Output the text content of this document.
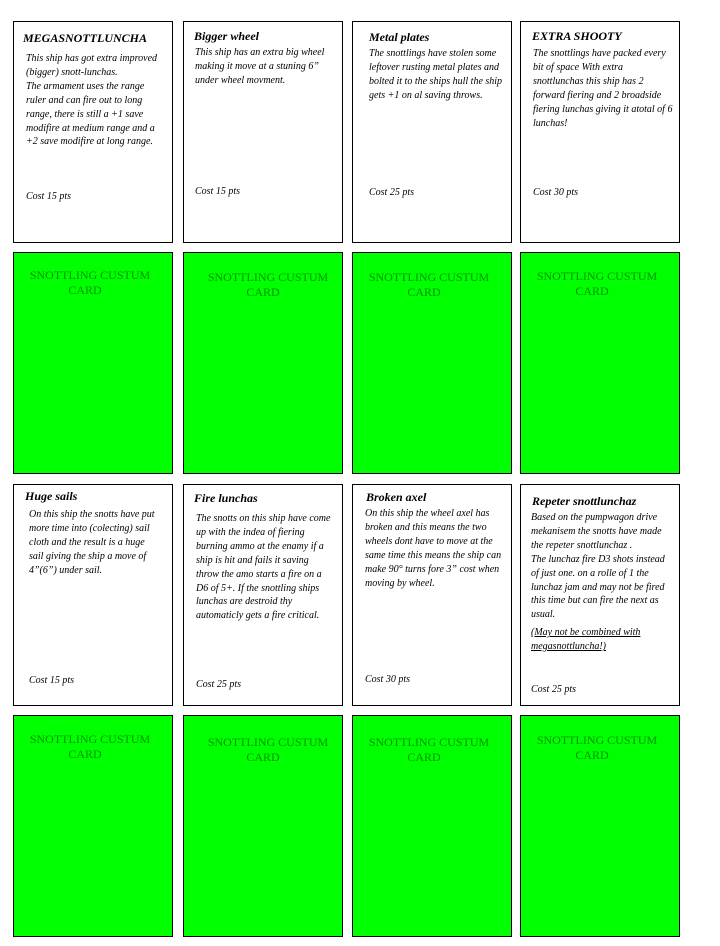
MEGASNOTTLUNCHA

This ship has got extra improved (bigger) snott-lunchas.

The armament uses the range ruler and can fire out to long range, there is still a +1 save modifire at medium range and a +2 save modifire at long range.

Cost 15 pts
Bigger wheel

This ship has an extra big wheel making it move at a stuning 6” under wheel movment.

Cost 15 pts
Metal plates

The snottlings have stolen some leftover rusting metal plates and bolted it to the ships hull the ship gets +1 on al saving throws.

Cost 25 pts
EXTRA SHOOTY

The snottlings have packed every bit of space With extra snottlunchas this ship has 2 forward fiering and 2 broadside fiering lunchas giving it atotal of 6 lunchas!

Cost 30 pts
Huge sails

On this ship the snotts have put more time into (colecting) sail cloth and the result is a huge sail giving the ship a move of 4”(6”) under sail.

Cost 15 pts
Fire lunchas

The snotts on this ship have come up with the indea of fiering burning ammo at the enamy if a ship is hit and fails it saving throw the amo starts a fire on a D6 of 5+. If the snottling ships lunchas are destroid thy automaticly gets a fire critical.

Cost 25 pts
Broken axel

On this ship the wheel axel has broken and this means the two wheels dont have to move at the same time this means the ship can make 90° turns fore 3” cost when moving by wheel.

Cost 30 pts
Repeter snottlunchaz

Based on the pumpwagon drive mekanisem the snotts have made the repeter snottlunchaz .

The lunchaz fire D3 shots instead of just one. on a rolle of 1 the lunchaz jam and may not be fired this time but can fire the next as usual.

(May not be combined with megasnottluncha!)

Cost 25 pts
SNOTTLING CUSTUM
CARD
SNOTTLING CUSTUM
CARD
SNOTTLING CUSTUM
CARD
SNOTTLING CUSTUM
CARD
SNOTTLING CUSTUM
CARD
SNOTTLING CUSTUM
CARD
SNOTTLING CUSTUM
CARD
SNOTTLING CUSTUM
CARD
